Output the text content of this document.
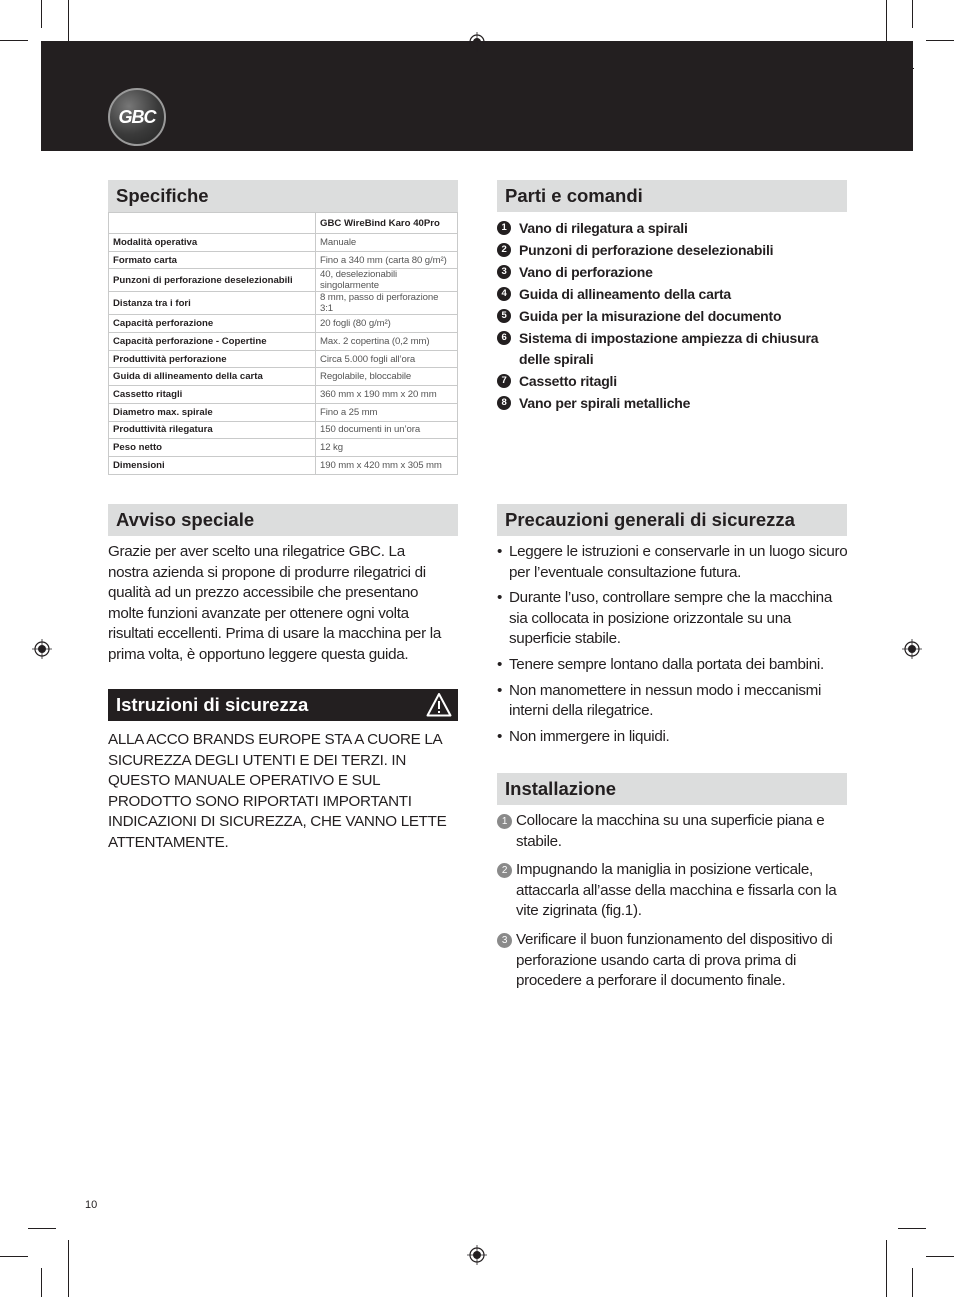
GBC
Specifiche
	GBC WireBind Karo 40Pro
Modalità operativa	Manuale
Formato carta	Fino a 340 mm (carta 80 g/m²)
Punzoni di perforazione deselezionabili	40, deselezionabili singolarmente
Distanza tra i fori	8 mm, passo di perforazione 3:1
Capacità perforazione	20 fogli (80 g/m²)
Capacità perforazione - Copertine	Max. 2 copertina (0,2 mm)
Produttività perforazione	Circa 5.000 fogli all’ora
Guida di allineamento della carta	Regolabile, bloccabile
Cassetto ritagli	360 mm x 190 mm x 20 mm
Diametro max. spirale	Fino a 25 mm
Produttività rilegatura	150 documenti in un’ora
Peso netto	12 kg
Dimensioni	190 mm x 420 mm x 305 mm
Parti e comandi
1 Vano di rilegatura a spirali
2 Punzoni di perforazione deselezionabili
3 Vano di perforazione
4 Guida di allineamento della carta
5 Guida per la misurazione del documento
6 Sistema di impostazione ampiezza di chiusura delle spirali
7 Cassetto ritagli
8 Vano per spirali metalliche
Avviso speciale
Grazie per aver scelto una rilegatrice GBC. La nostra azienda si propone di produrre rilegatrici di qualità ad un prezzo accessibile che presentano molte funzioni avanzate per ottenere ogni volta risultati eccellenti. Prima di usare la macchina per la prima volta, è opportuno leggere questa guida.
Istruzioni di sicurezza
ALLA ACCO BRANDS EUROPE STA A CUORE LA SICUREZZA DEGLI UTENTI E DEI TERZI. IN QUESTO MANUALE OPERATIVO E SUL PRODOTTO SONO RIPORTATI IMPORTANTI INDICAZIONI DI SICUREZZA, CHE VANNO LETTE ATTENTAMENTE.
Precauzioni generali di sicurezza
• Leggere le istruzioni e conservarle in un luogo sicuro per l’eventuale consultazione futura.
• Durante l’uso, controllare sempre che la macchina sia collocata in posizione orizzontale su una superficie stabile.
• Tenere sempre lontano dalla portata dei bambini.
• Non manomettere in nessun modo i meccanismi interni della rilegatrice.
• Non immergere in liquidi.
Installazione
1 Collocare la macchina su una superficie piana e stabile.
2 Impugnando la maniglia in posizione verticale, attaccarla all’asse della macchina e fissarla con la vite zigrinata (fig.1).
3 Verificare il buon funzionamento del dispositivo di perforazione usando carta di prova prima di procedere a perforare il documento finale.
10
